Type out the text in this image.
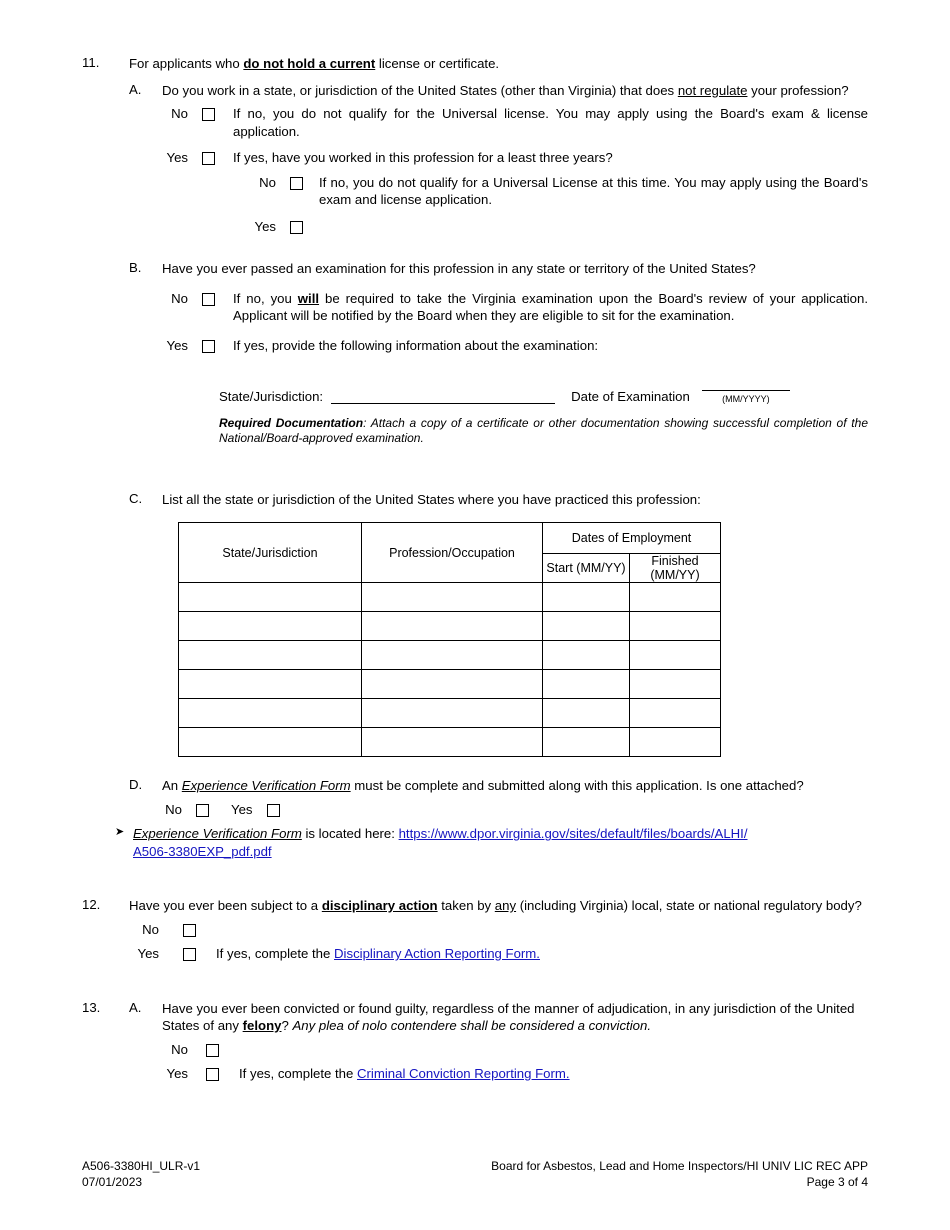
11.	For applicants who do not hold a current license or certificate.
A.	Do you work in a state, or jurisdiction of the United States (other than Virginia) that does not regulate your profession?
No	If no, you do not qualify for the Universal license. You may apply using the Board's exam & license application.
Yes	If yes, have you worked in this profession for a least three years?
No	If no, you do not qualify for a Universal License at this time. You may apply using the Board's exam and license application.
Yes
B.	Have you ever passed an examination for this profession in any state or territory of the United States?
No	If no, you will be required to take the Virginia examination upon the Board's review of your application. Applicant will be notified by the Board when they are eligible to sit for the examination.
Yes	If yes, provide the following information about the examination:
State/Jurisdiction:	Date of Examination	(MM/YYYY)
Required Documentation: Attach a copy of a certificate or other documentation showing successful completion of the National/Board-approved examination.
C.	List all the state or jurisdiction of the United States where you have practiced this profession:
State/Jurisdiction	Profession/Occupation	Dates of Employment	
		Start (MM/YY)	Finished (MM/YY)

D.	An Experience Verification Form must be complete and submitted along with this application. Is one attached?
No	Yes
➤ Experience Verification Form is located here: https://www.dpor.virginia.gov/sites/default/files/boards/ALHI/
A506-3380EXP_pdf.pdf
12.	Have you ever been subject to a disciplinary action taken by any (including Virginia) local, state or national regulatory body?
No
Yes	If yes, complete the Disciplinary Action Reporting Form.
13.	A.	Have you ever been convicted or found guilty, regardless of the manner of adjudication, in any jurisdiction of the United States of any felony? Any plea of nolo contendere shall be considered a conviction.
No
Yes	If yes, complete the Criminal Conviction Reporting Form.
A506-3380HI_ULR-v1
07/01/2023
Board for Asbestos, Lead and Home Inspectors/HI UNIV LIC REC APP
Page 3 of 4
